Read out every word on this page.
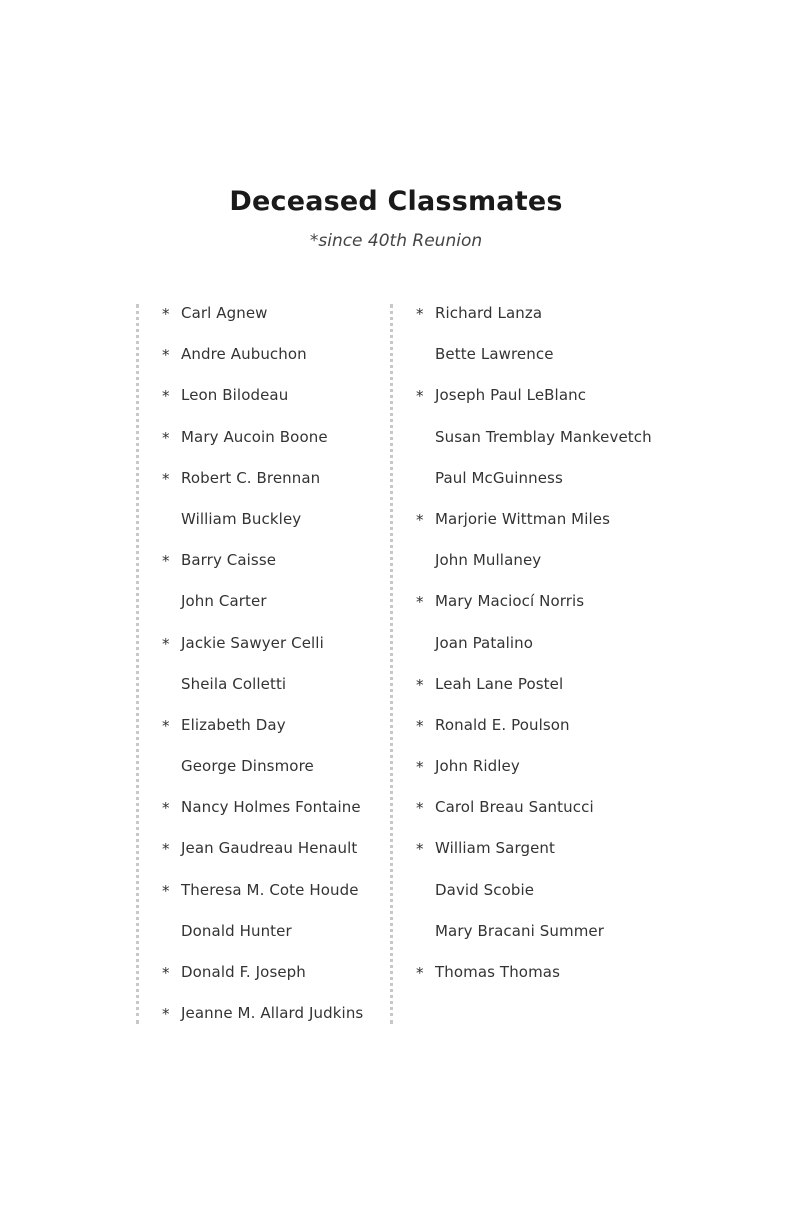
Deceased Classmates
*since 40th Reunion
* Carl Agnew
* Andre Aubuchon
* Leon Bilodeau
* Mary Aucoin Boone
* Robert C. Brennan
William Buckley
* Barry Caisse
John Carter
* Jackie Sawyer Celli
Sheila Colletti
* Elizabeth Day
George Dinsmore
* Nancy Holmes Fontaine
* Jean Gaudreau Henault
* Theresa M. Cote Houde
Donald Hunter
* Donald F. Joseph
* Jeanne M. Allard Judkins
* Richard Lanza
Bette Lawrence
* Joseph Paul LeBlanc
Susan Tremblay Mankevetch
Paul McGuinness
* Marjorie Wittman Miles
John Mullaney
* Mary Maciocí Norris
Joan Patalino
* Leah Lane Postel
* Ronald E. Poulson
* John Ridley
* Carol Breau Santucci
* William Sargent
David Scobie
Mary Bracani Summer
* Thomas Thomas
